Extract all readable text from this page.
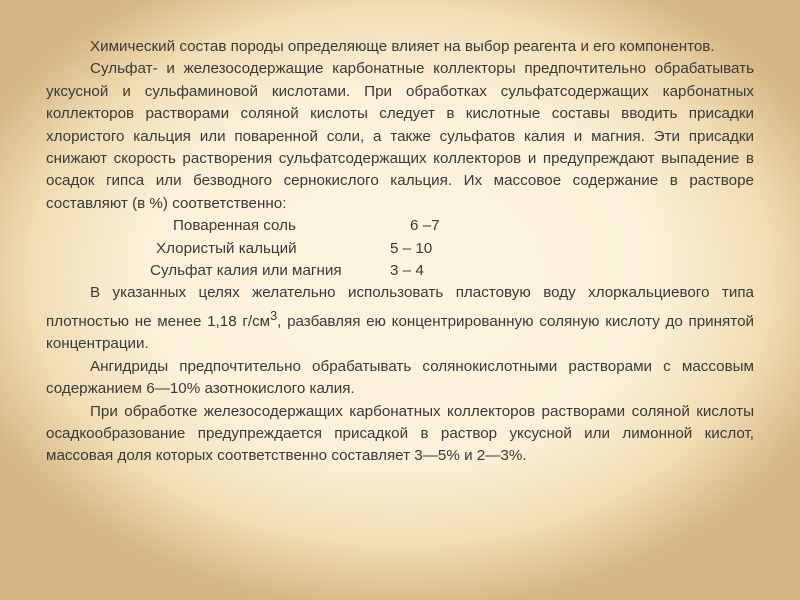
Химический состав породы определяюще влияет на выбор реагента и его компонентов.

Сульфат- и железосодержащие карбонатные коллекторы предпочтительно обрабатывать уксусной и сульфаминовой кислотами. При обработках сульфатсодержащих карбонатных коллекторов растворами соляной кислоты следует в кислотные составы вводить присадки хлористого кальция или поваренной соли, а также сульфатов калия и магния. Эти присадки снижают скорость растворения сульфатсодержащих коллекторов и предупреждают выпадение в осадок гипса или безводного сернокислого кальция. Их массовое содержание в растворе составляют (в %) соответственно:

Поваренная соль	6 –7
Хлористый кальций	5 – 10
Сульфат калия или магния	3 – 4

В указанных целях желательно использовать пластовую воду хлоркальциевого типа плотностью не менее 1,18 $г/см^3$, разбавляя ею концентрированную соляную кислоту до принятой концентрации.

Ангидриды предпочтительно обрабатывать солянокислотными растворами с массовым содержанием 6—10% азотнокислого калия.

При обработке железосодержащих карбонатных коллекторов растворами соляной кислоты осадкообразование предупреждается присадкой в раствор уксусной или лимонной кислот, массовая доля которых соответственно составляет 3—5% и 2—3%.
